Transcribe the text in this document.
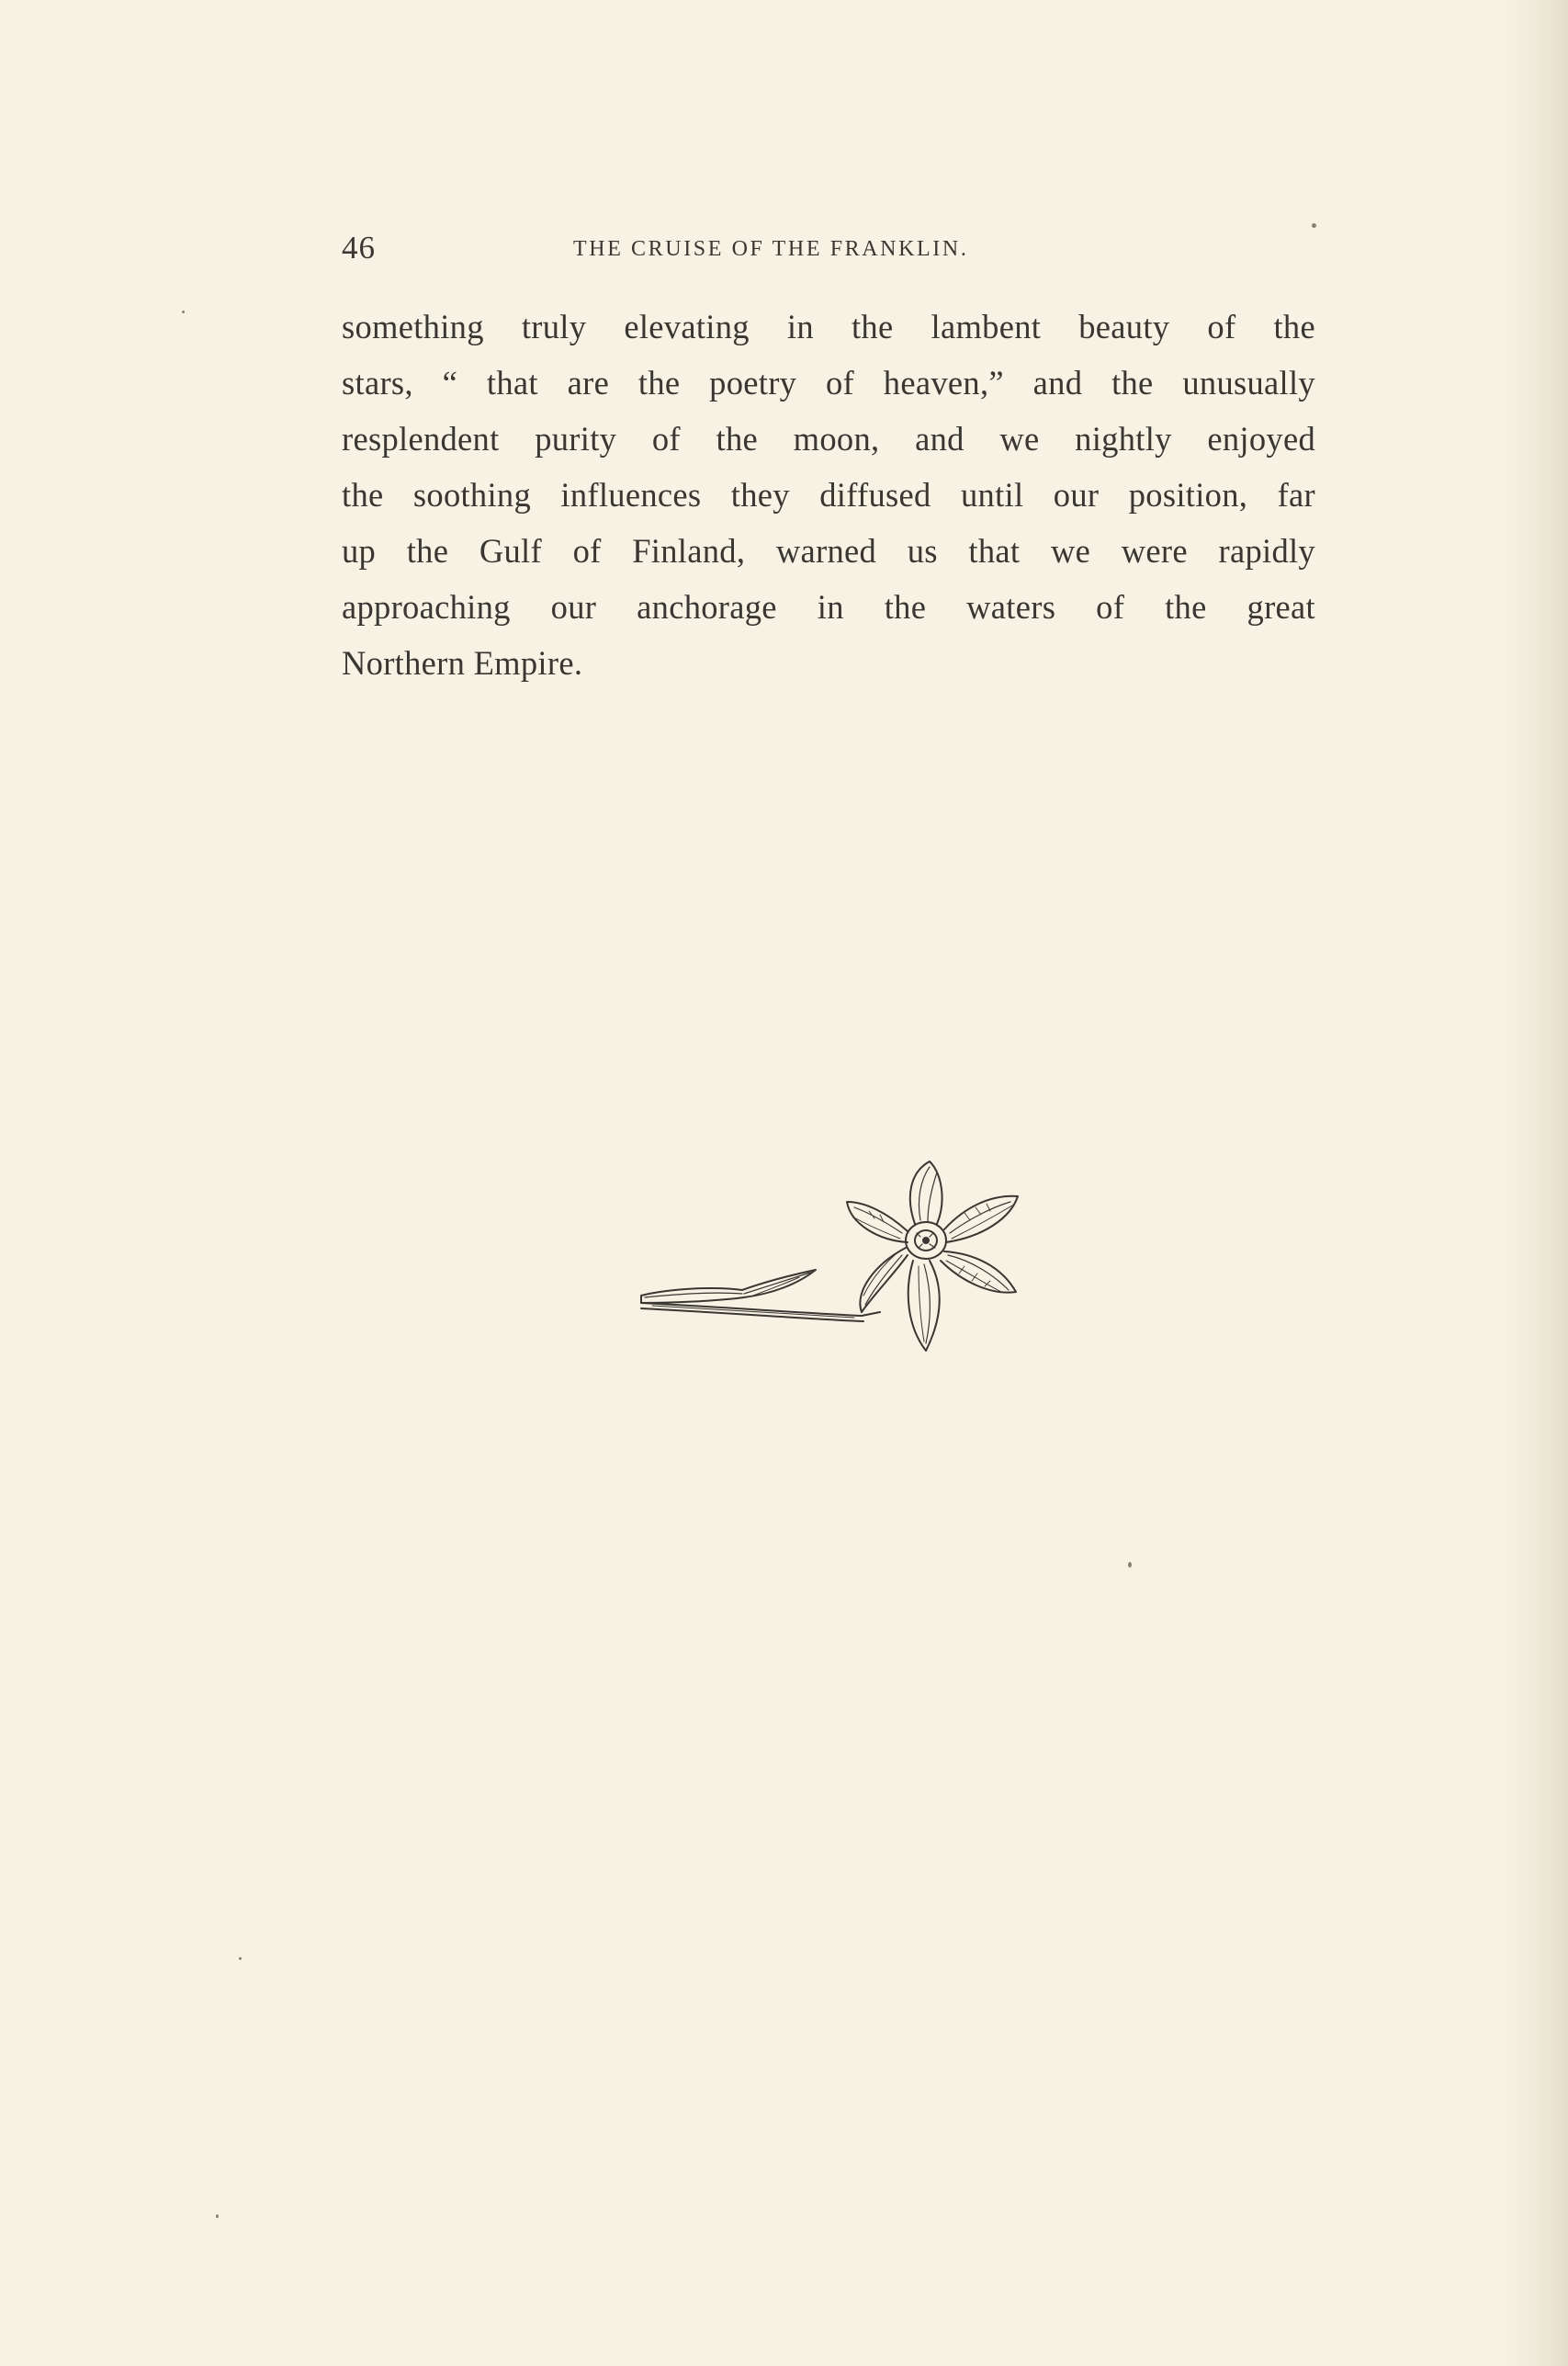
46	THE CRUISE OF THE FRANKLIN.
something truly elevating in the lambent beauty of the
stars, “ that are the poetry of heaven,” and the unusually
resplendent purity of the moon, and we nightly enjoyed
the soothing influences they diffused until our position, far
up the Gulf of Finland, warned us that we were rapidly
approaching our anchorage in the waters of the great
Northern Empire.
